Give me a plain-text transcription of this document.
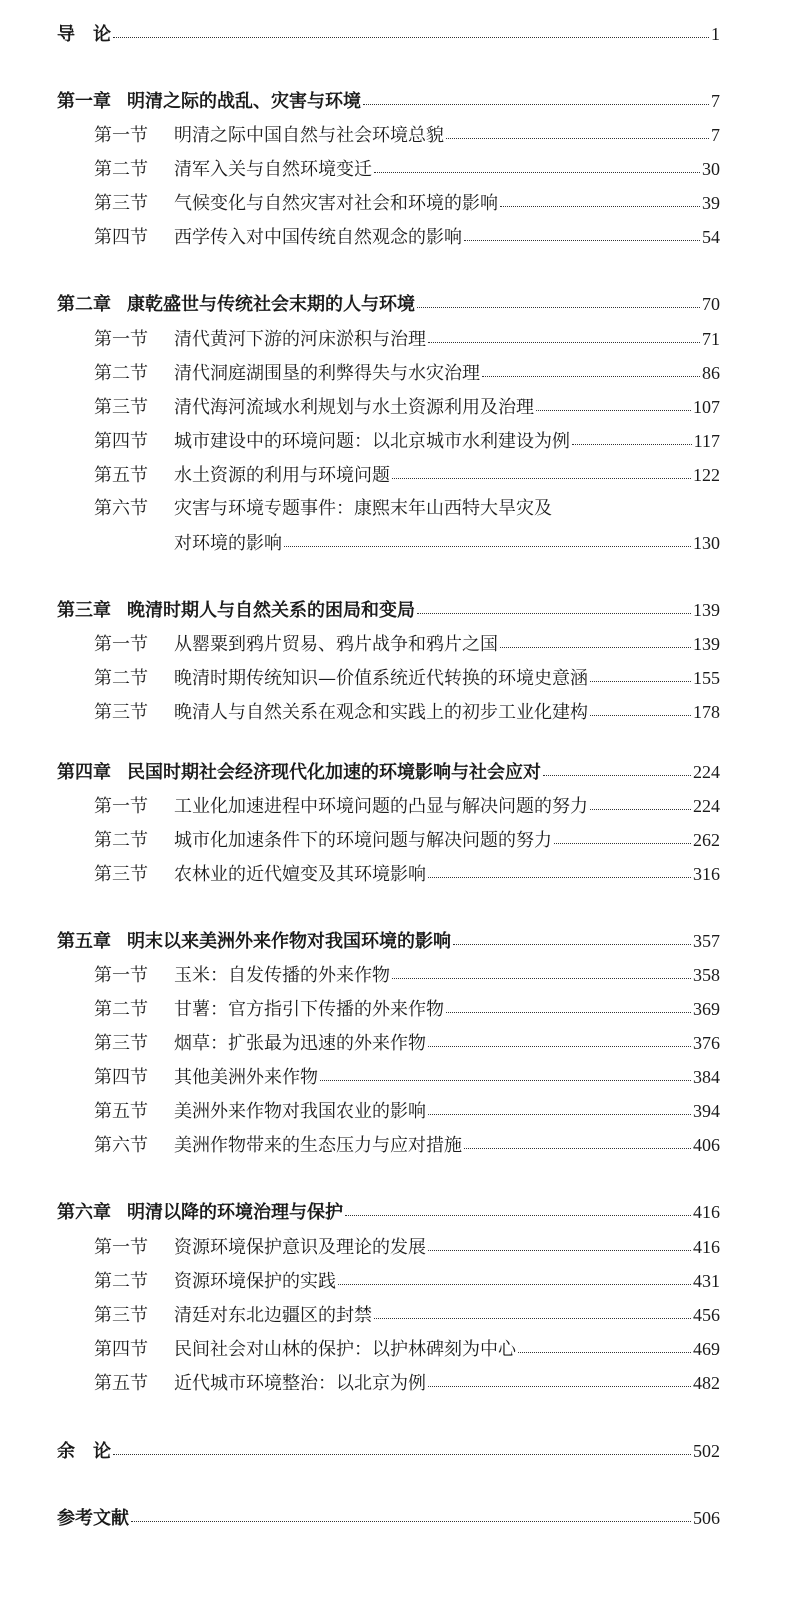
导　论	1
第一章 明清之际的战乱、灾害与环境	7
第一节	明清之际中国自然与社会环境总貌	7
第二节	清军入关与自然环境变迁	30
第三节	气候变化与自然灾害对社会和环境的影响	39
第四节	西学传入对中国传统自然观念的影响	54
第二章 康乾盛世与传统社会末期的人与环境	70
第一节	清代黄河下游的河床淤积与治理	71
第二节	清代洞庭湖围垦的利弊得失与水灾治理	86
第三节	清代海河流域水利规划与水土资源利用及治理	107
第四节	城市建设中的环境问题：以北京城市水利建设为例	117
第五节	水土资源的利用与环境问题	122
第六节	灾害与环境专题事件：康熙末年山西特大旱灾及
对环境的影响	130
第三章 晚清时期人与自然关系的困局和变局	139
第一节	从罂粟到鸦片贸易、鸦片战争和鸦片之国	139
第二节	晚清时期传统知识—价值系统近代转换的环境史意涵	155
第三节	晚清人与自然关系在观念和实践上的初步工业化建构	178
第四章 民国时期社会经济现代化加速的环境影响与社会应对	224
第一节	工业化加速进程中环境问题的凸显与解决问题的努力	224
第二节	城市化加速条件下的环境问题与解决问题的努力	262
第三节	农林业的近代嬗变及其环境影响	316
第五章 明末以来美洲外来作物对我国环境的影响	357
第一节	玉米：自发传播的外来作物	358
第二节	甘薯：官方指引下传播的外来作物	369
第三节	烟草：扩张最为迅速的外来作物	376
第四节	其他美洲外来作物	384
第五节	美洲外来作物对我国农业的影响	394
第六节	美洲作物带来的生态压力与应对措施	406
第六章 明清以降的环境治理与保护	416
第一节	资源环境保护意识及理论的发展	416
第二节	资源环境保护的实践	431
第三节	清廷对东北边疆区的封禁	456
第四节	民间社会对山林的保护：以护林碑刻为中心	469
第五节	近代城市环境整治：以北京为例	482
余　论	502
参考文献	506
